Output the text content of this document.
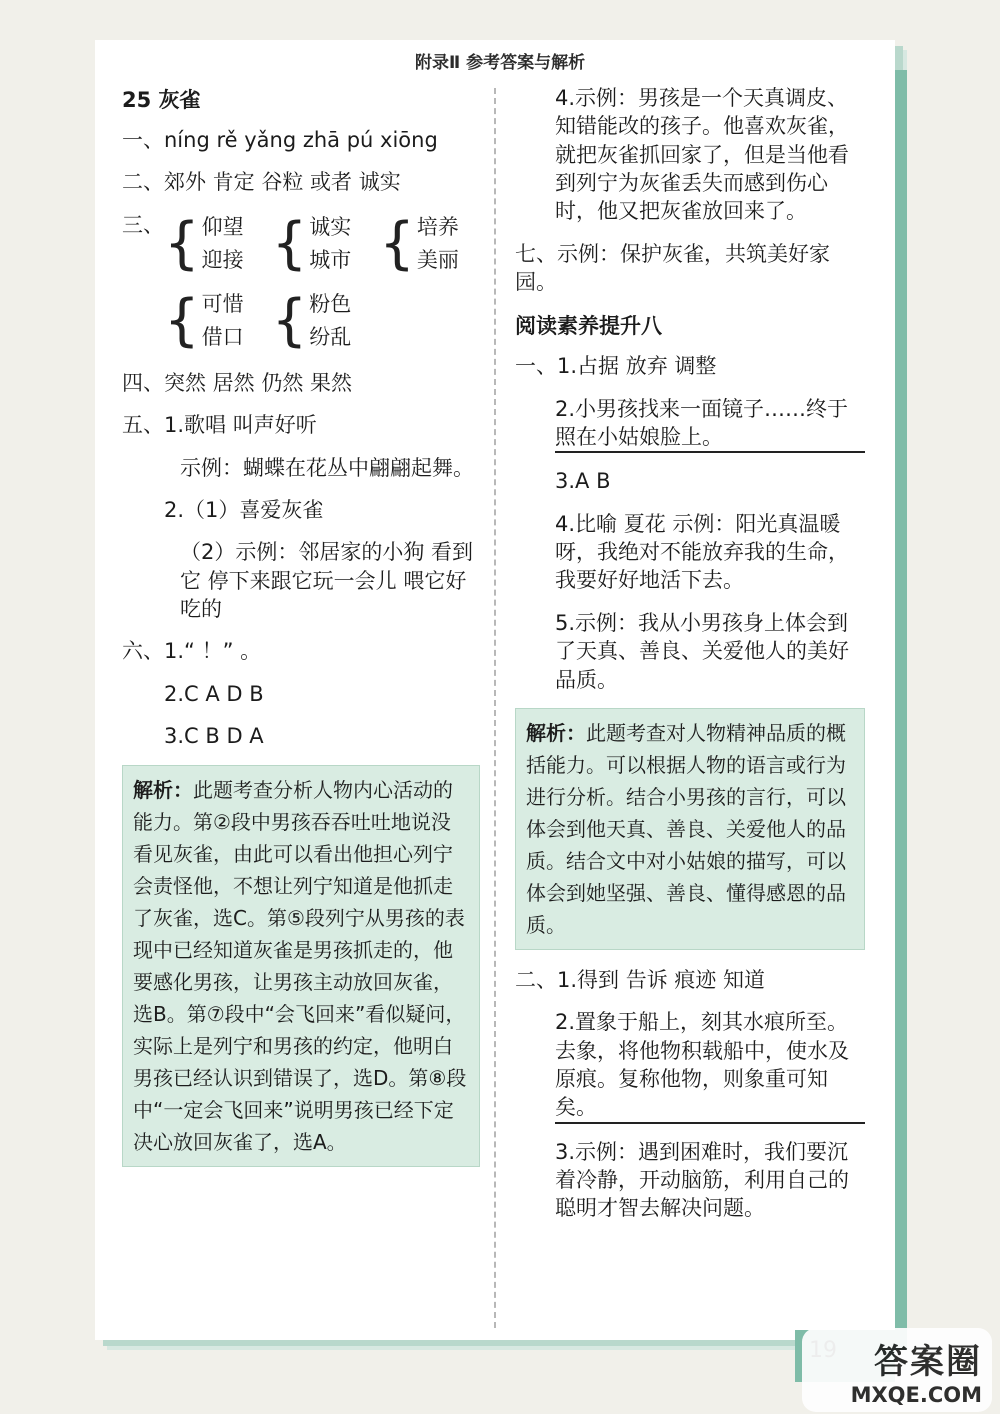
附录Ⅱ 参考答案与解析
25 灰雀
一、níng rě yǎng zhā pú xiōng
二、郊外 肯定 谷粒 或者 诚实
三、 { 仰望
迎接 { 诚实
城市 { 培养
美丽
{ 可惜
借口 { 粉色
纷乱
四、突然 居然 仍然 果然
五、1.歌唱 叫声好听
示例：蝴蝶在花丛中翩翩起舞。
2.（1）喜爱灰雀
（2）示例：邻居家的小狗 看到它 停下来跟它玩一会儿 喂它好吃的
六、1.“ ！” 。
2.C A D B
3.C B D A
解析：此题考查分析人物内心活动的能力。第②段中男孩吞吞吐吐地说没看见灰雀，由此可以看出他担心列宁会责怪他，不想让列宁知道是他抓走了灰雀，选C。第⑤段列宁从男孩的表现中已经知道灰雀是男孩抓走的，他要感化男孩，让男孩主动放回灰雀，选B。第⑦段中“会飞回来”看似疑问，实际上是列宁和男孩的约定，他明白男孩已经认识到错误了，选D。第⑧段中“一定会飞回来”说明男孩已经下定决心放回灰雀了，选A。
4.示例：男孩是一个天真调皮、知错能改的孩子。他喜欢灰雀，就把灰雀抓回家了，但是当他看到列宁为灰雀丢失而感到伤心时，他又把灰雀放回来了。
七、示例：保护灰雀，共筑美好家园。
阅读素养提升八
一、1.占据 放弃 调整
2.小男孩找来一面镜子……终于照在小姑娘脸上。
3.A B
4.比喻 夏花 示例：阳光真温暖呀，我绝对不能放弃我的生命，我要好好地活下去。
5.示例：我从小男孩身上体会到了天真、善良、关爱他人的美好品质。
解析：此题考查对人物精神品质的概括能力。可以根据人物的语言或行为进行分析。结合小男孩的言行，可以体会到他天真、善良、关爱他人的品质。结合文中对小姑娘的描写，可以体会到她坚强、善良、懂得感恩的品质。
二、1.得到 告诉 痕迹 知道
2.置象于船上，刻其水痕所至。去象，将他物积载船中，使水及原痕。复称他物，则象重可知矣。
3.示例：遇到困难时，我们要沉着冷静，开动脑筋，利用自己的聪明才智去解决问题。
答案圈
MXQE.COM
